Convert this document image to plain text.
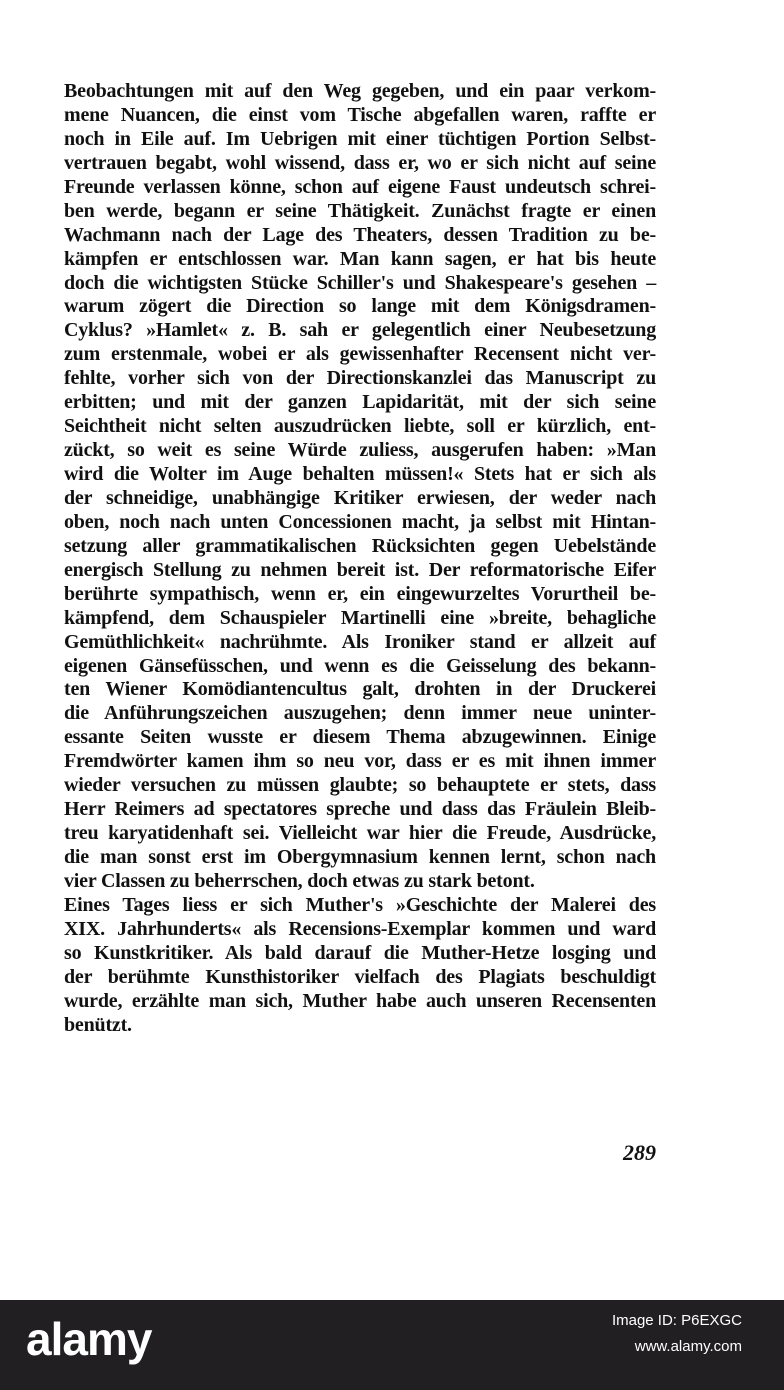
Beobachtungen mit auf den Weg gegeben, und ein paar verkom-
mene Nuancen, die einst vom Tische abgefallen waren, raffte er
noch in Eile auf. Im Uebrigen mit einer tüchtigen Portion Selbst-
vertrauen begabt, wohl wissend, dass er, wo er sich nicht auf seine
Freunde verlassen könne, schon auf eigene Faust undeutsch schrei-
ben werde, begann er seine Thätigkeit. Zunächst fragte er einen
Wachmann nach der Lage des Theaters, dessen Tradition zu be-
kämpfen er entschlossen war. Man kann sagen, er hat bis heute
doch die wichtigsten Stücke Schiller's und Shakespeare's gesehen –
warum zögert die Direction so lange mit dem Königsdramen-
Cyklus? »Hamlet« z. B. sah er gelegentlich einer Neubesetzung
zum erstenmale, wobei er als gewissenhafter Recensent nicht ver-
fehlte, vorher sich von der Directionskanzlei das Manuscript zu
erbitten; und mit der ganzen Lapidarität, mit der sich seine
Seichtheit nicht selten auszudrücken liebte, soll er kürzlich, ent-
zückt, so weit es seine Würde zuliess, ausgerufen haben: »Man
wird die Wolter im Auge behalten müssen!« Stets hat er sich als
der schneidige, unabhängige Kritiker erwiesen, der weder nach
oben, noch nach unten Concessionen macht, ja selbst mit Hintan-
setzung aller grammatikalischen Rücksichten gegen Uebelstände
energisch Stellung zu nehmen bereit ist. Der reformatorische Eifer
berührte sympathisch, wenn er, ein eingewurzeltes Vorurtheil be-
kämpfend, dem Schauspieler Martinelli eine »breite, behagliche
Gemüthlichkeit« nachrühmte. Als Ironiker stand er allzeit auf
eigenen Gänsefüsschen, und wenn es die Geisselung des bekann-
ten Wiener Komödiantencultus galt, drohten in der Druckerei
die Anführungszeichen auszugehen; denn immer neue uninter-
essante Seiten wusste er diesem Thema abzugewinnen. Einige
Fremdwörter kamen ihm so neu vor, dass er es mit ihnen immer
wieder versuchen zu müssen glaubte; so behauptete er stets, dass
Herr Reimers ad spectatores spreche und dass das Fräulein Bleib-
treu karyatidenhaft sei. Vielleicht war hier die Freude, Ausdrücke,
die man sonst erst im Obergymnasium kennen lernt, schon nach
vier Classen zu beherrschen, doch etwas zu stark betont.
Eines Tages liess er sich Muther's »Geschichte der Malerei des
XIX. Jahrhunderts« als Recensions-Exemplar kommen und ward
so Kunstkritiker. Als bald darauf die Muther-Hetze losging und
der berühmte Kunsthistoriker vielfach des Plagiats beschuldigt
wurde, erzählte man sich, Muther habe auch unseren Recensenten
benützt.
289
alamy	Image ID: P6EXGC
www.alamy.com
